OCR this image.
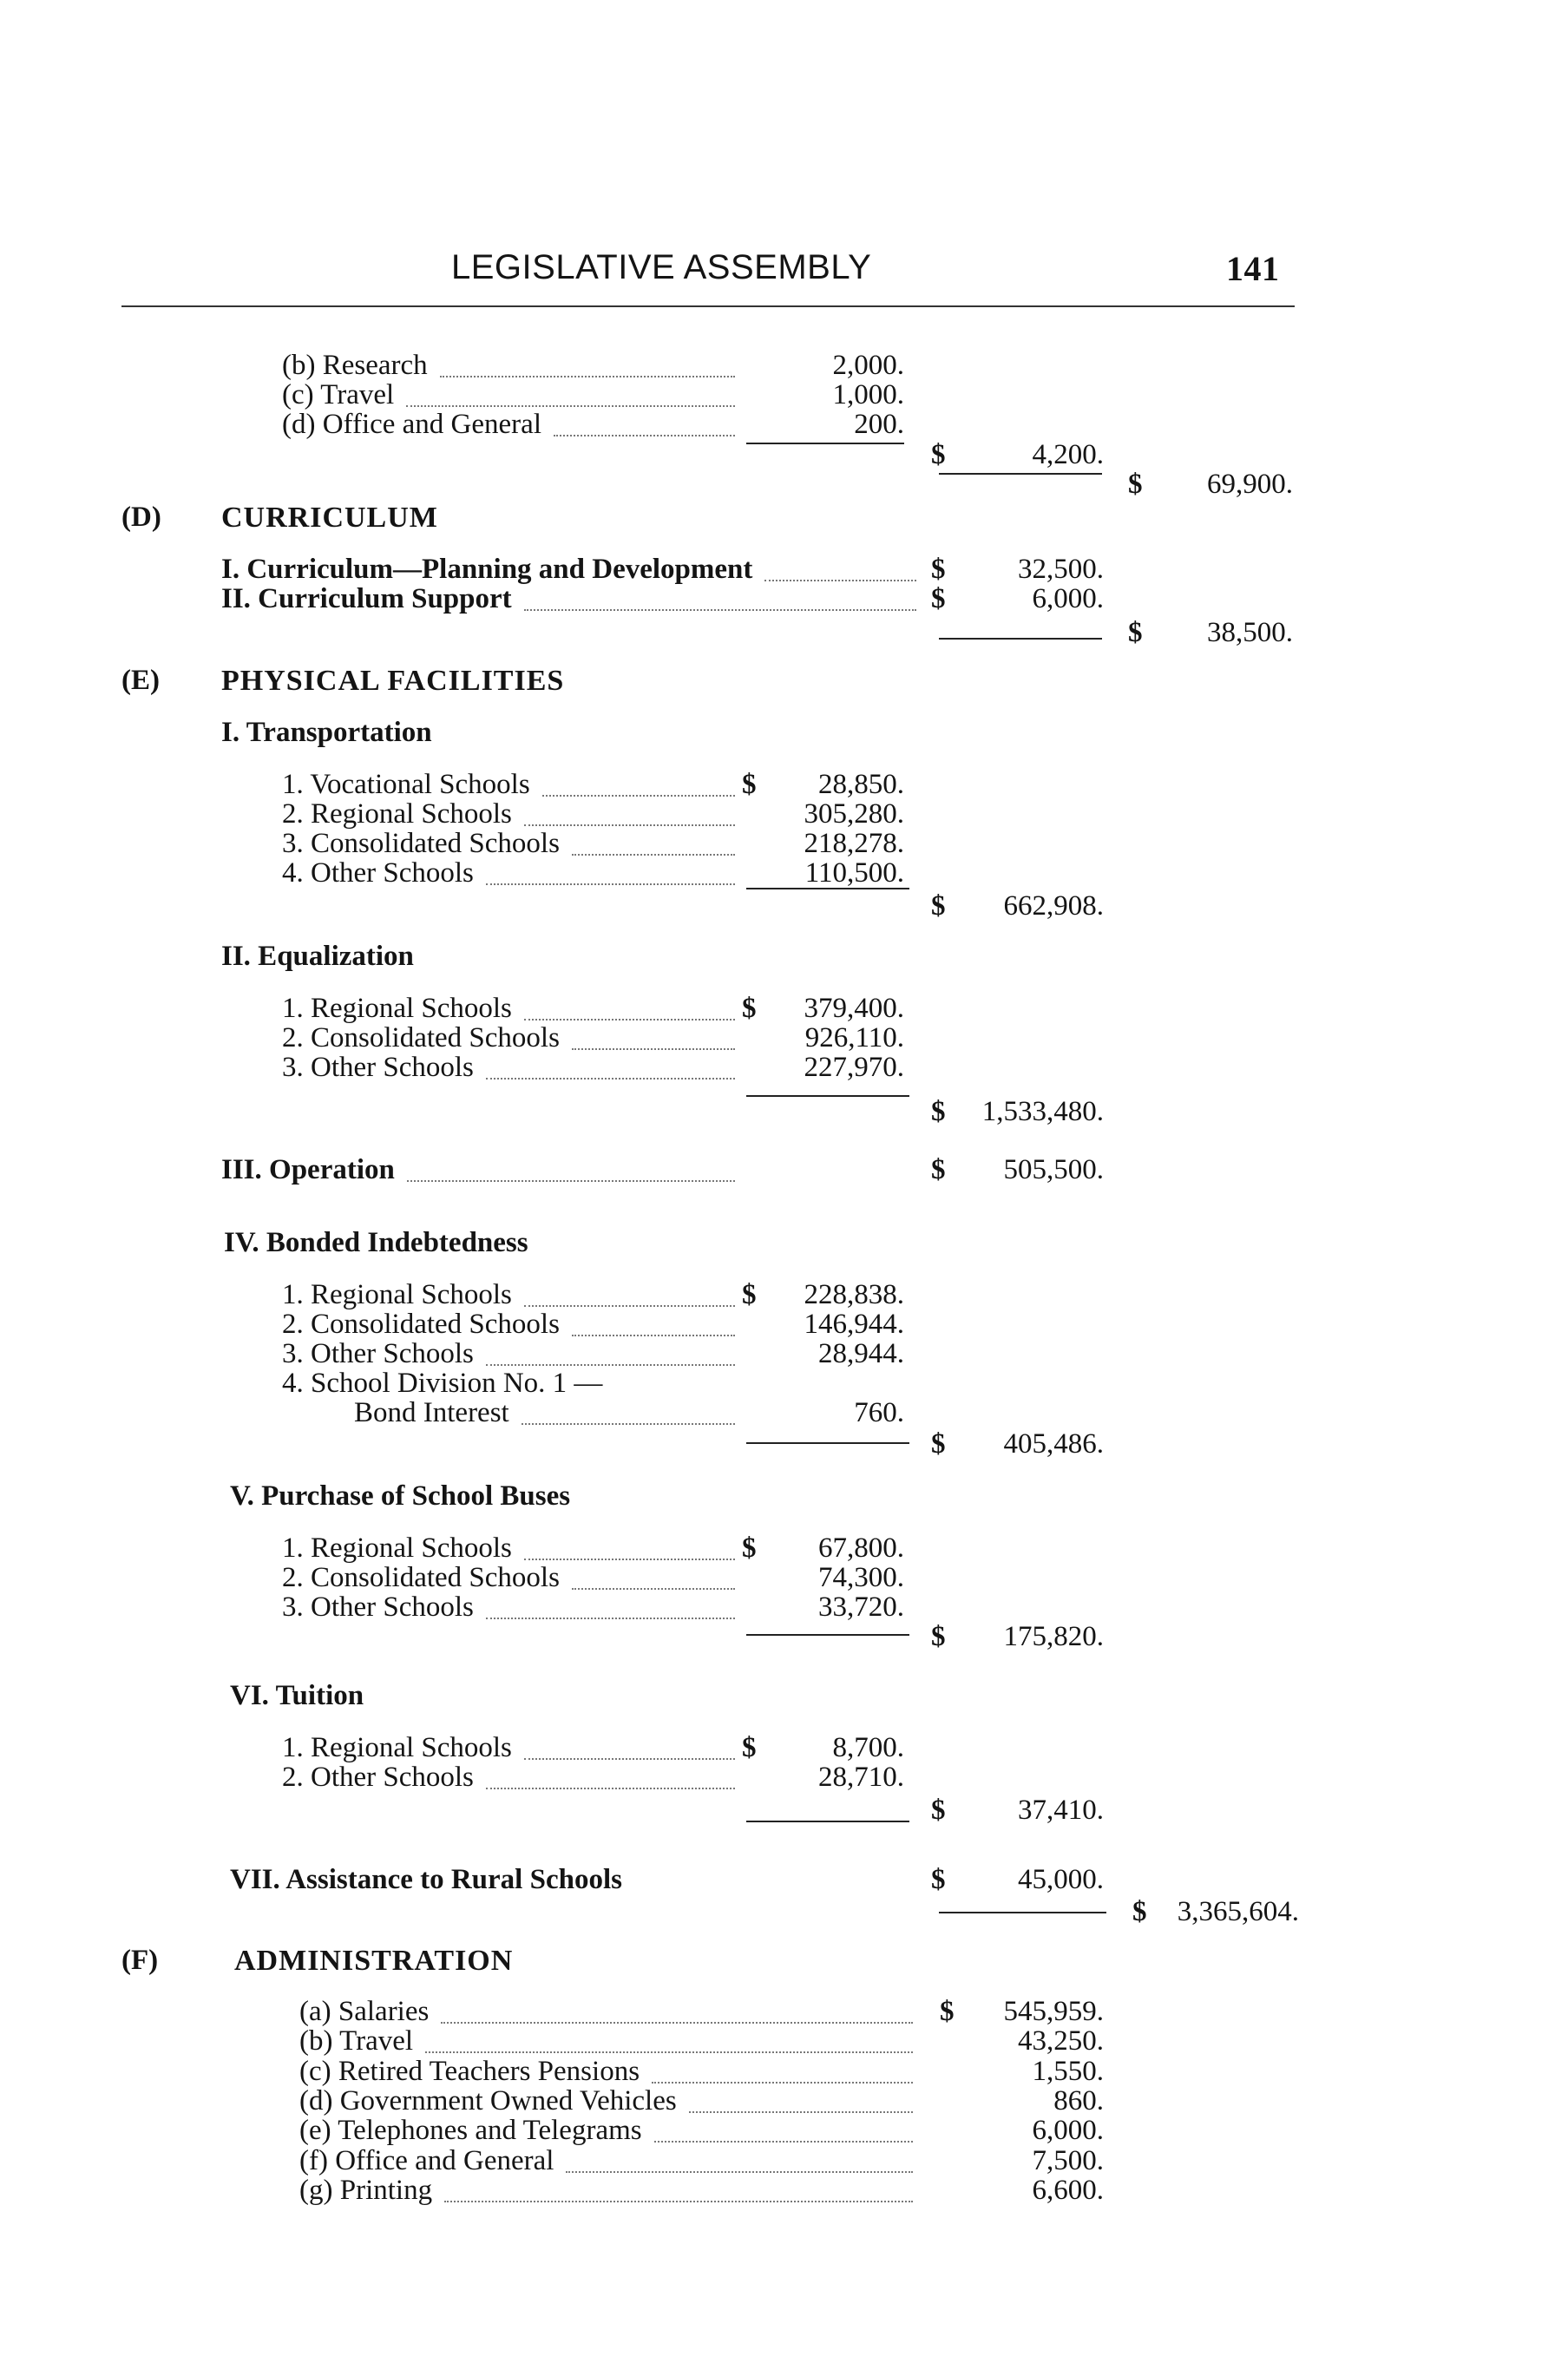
LEGISLATIVE ASSEMBLY	141
(b) Research	2,000.
(c) Travel	1,000.
(d) Office and General	200.
$	4,200.
$ 69,900.
(D) CURRICULUM
I. Curriculum—Planning and Development	$	32,500.
II. Curriculum Support	$	6,000.
$ 38,500.
(E) PHYSICAL FACILITIES
I. Transportation
1. Vocational Schools	$ 28,850.
2. Regional Schools	305,280.
3. Consolidated Schools	218,278.
4. Other Schools	110,500.
$ 662,908.
II. Equalization
1. Regional Schools	$ 379,400.
2. Consolidated Schools	926,110.
3. Other Schools	227,970.
$ 1,533,480.
III. Operation	$ 505,500.
IV. Bonded Indebtedness
1. Regional Schools	$ 228,838.
2. Consolidated Schools	146,944.
3. Other Schools	28,944.
4. School Division No. 1 —
Bond Interest	760.
$ 405,486.
V. Purchase of School Buses
1. Regional Schools	$ 67,800.
2. Consolidated Schools	74,300.
3. Other Schools	33,720.
$ 175,820.
VI. Tuition
1. Regional Schools	$	8,700.
2. Other Schools	28,710.
$	37,410.
VII. Assistance to Rural Schools	$	45,000.
$ 3,365,604.
(F)	ADMINISTRATION
(a) Salaries	$ 545,959.
(b) Travel	43,250.
(c) Retired Teachers Pensions	1,550.
(d) Government Owned Vehicles	860.
(e) Telephones and Telegrams	6,000.
(f) Office and General	7,500.
(g) Printing	6,600.
